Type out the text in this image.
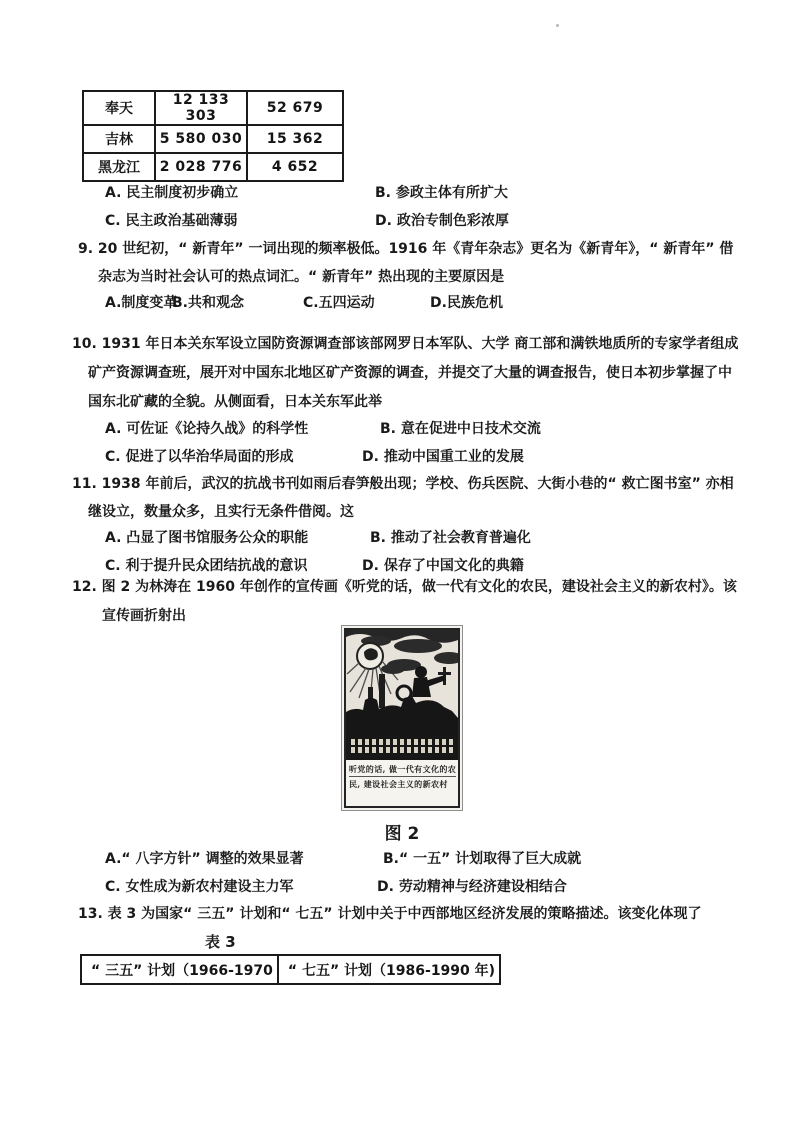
奉天	12 133 303	52 679
吉林	5 580 030	15 362
黑龙江	2 028 776	4 652
A. 民主制度初步确立	B. 参政主体有所扩大
C. 民主政治基础薄弱	D. 政治专制色彩浓厚
9. 20 世纪初，“ 新青年” 一词出现的频率极低。1916 年《青年杂志》更名为《新青年》，“ 新青年” 借
杂志为当时社会认可的热点词汇。“ 新青年” 热出现的主要原因是
A.制度变革
B.共和观念	C.五四运动	D.民族危机
10. 1931 年日本关东军设立国防资源调查部该部网罗日本军队、大学 商工部和满铁地质所的专家学者组成
矿产资源调查班，展开对中国东北地区矿产资源的调查，并提交了大量的调查报告，使日本初步掌握了中
国东北矿藏的全貌。从侧面看，日本关东军此举
A. 可佐证《论持久战》的科学性	B. 意在促进中日技术交流
C. 促进了以华治华局面的形成	D. 推动中国重工业的发展
11. 1938 年前后，武汉的抗战书刊如雨后春笋般出现；学校、伤兵医院、大街小巷的“ 救亡图书室” 亦相
继设立，数量众多，且实行无条件借阅。这
A. 凸显了图书馆服务公众的职能	B. 推动了社会教育普遍化
C. 利于提升民众团结抗战的意识	D. 保存了中国文化的典籍
12. 图 2 为林涛在 1960 年创作的宣传画《听党的话，做一代有文化的农民，建设社会主义的新农村》。该
宣传画折射出
听党的话, 做一代有文化的农
民, 建设社会主义的新农村
图 2
A.“ 八字方针” 调整的效果显著	B.“ 一五” 计划取得了巨大成就
C. 女性成为新农村建设主力军	D. 劳动精神与经济建设相结合
13. 表 3 为国家“ 三五” 计划和“ 七五” 计划中关于中西部地区经济发展的策略描述。该变化体现了
表 3
“ 三五” 计划（1966-1970	“ 七五” 计划（1986-1990 年)
